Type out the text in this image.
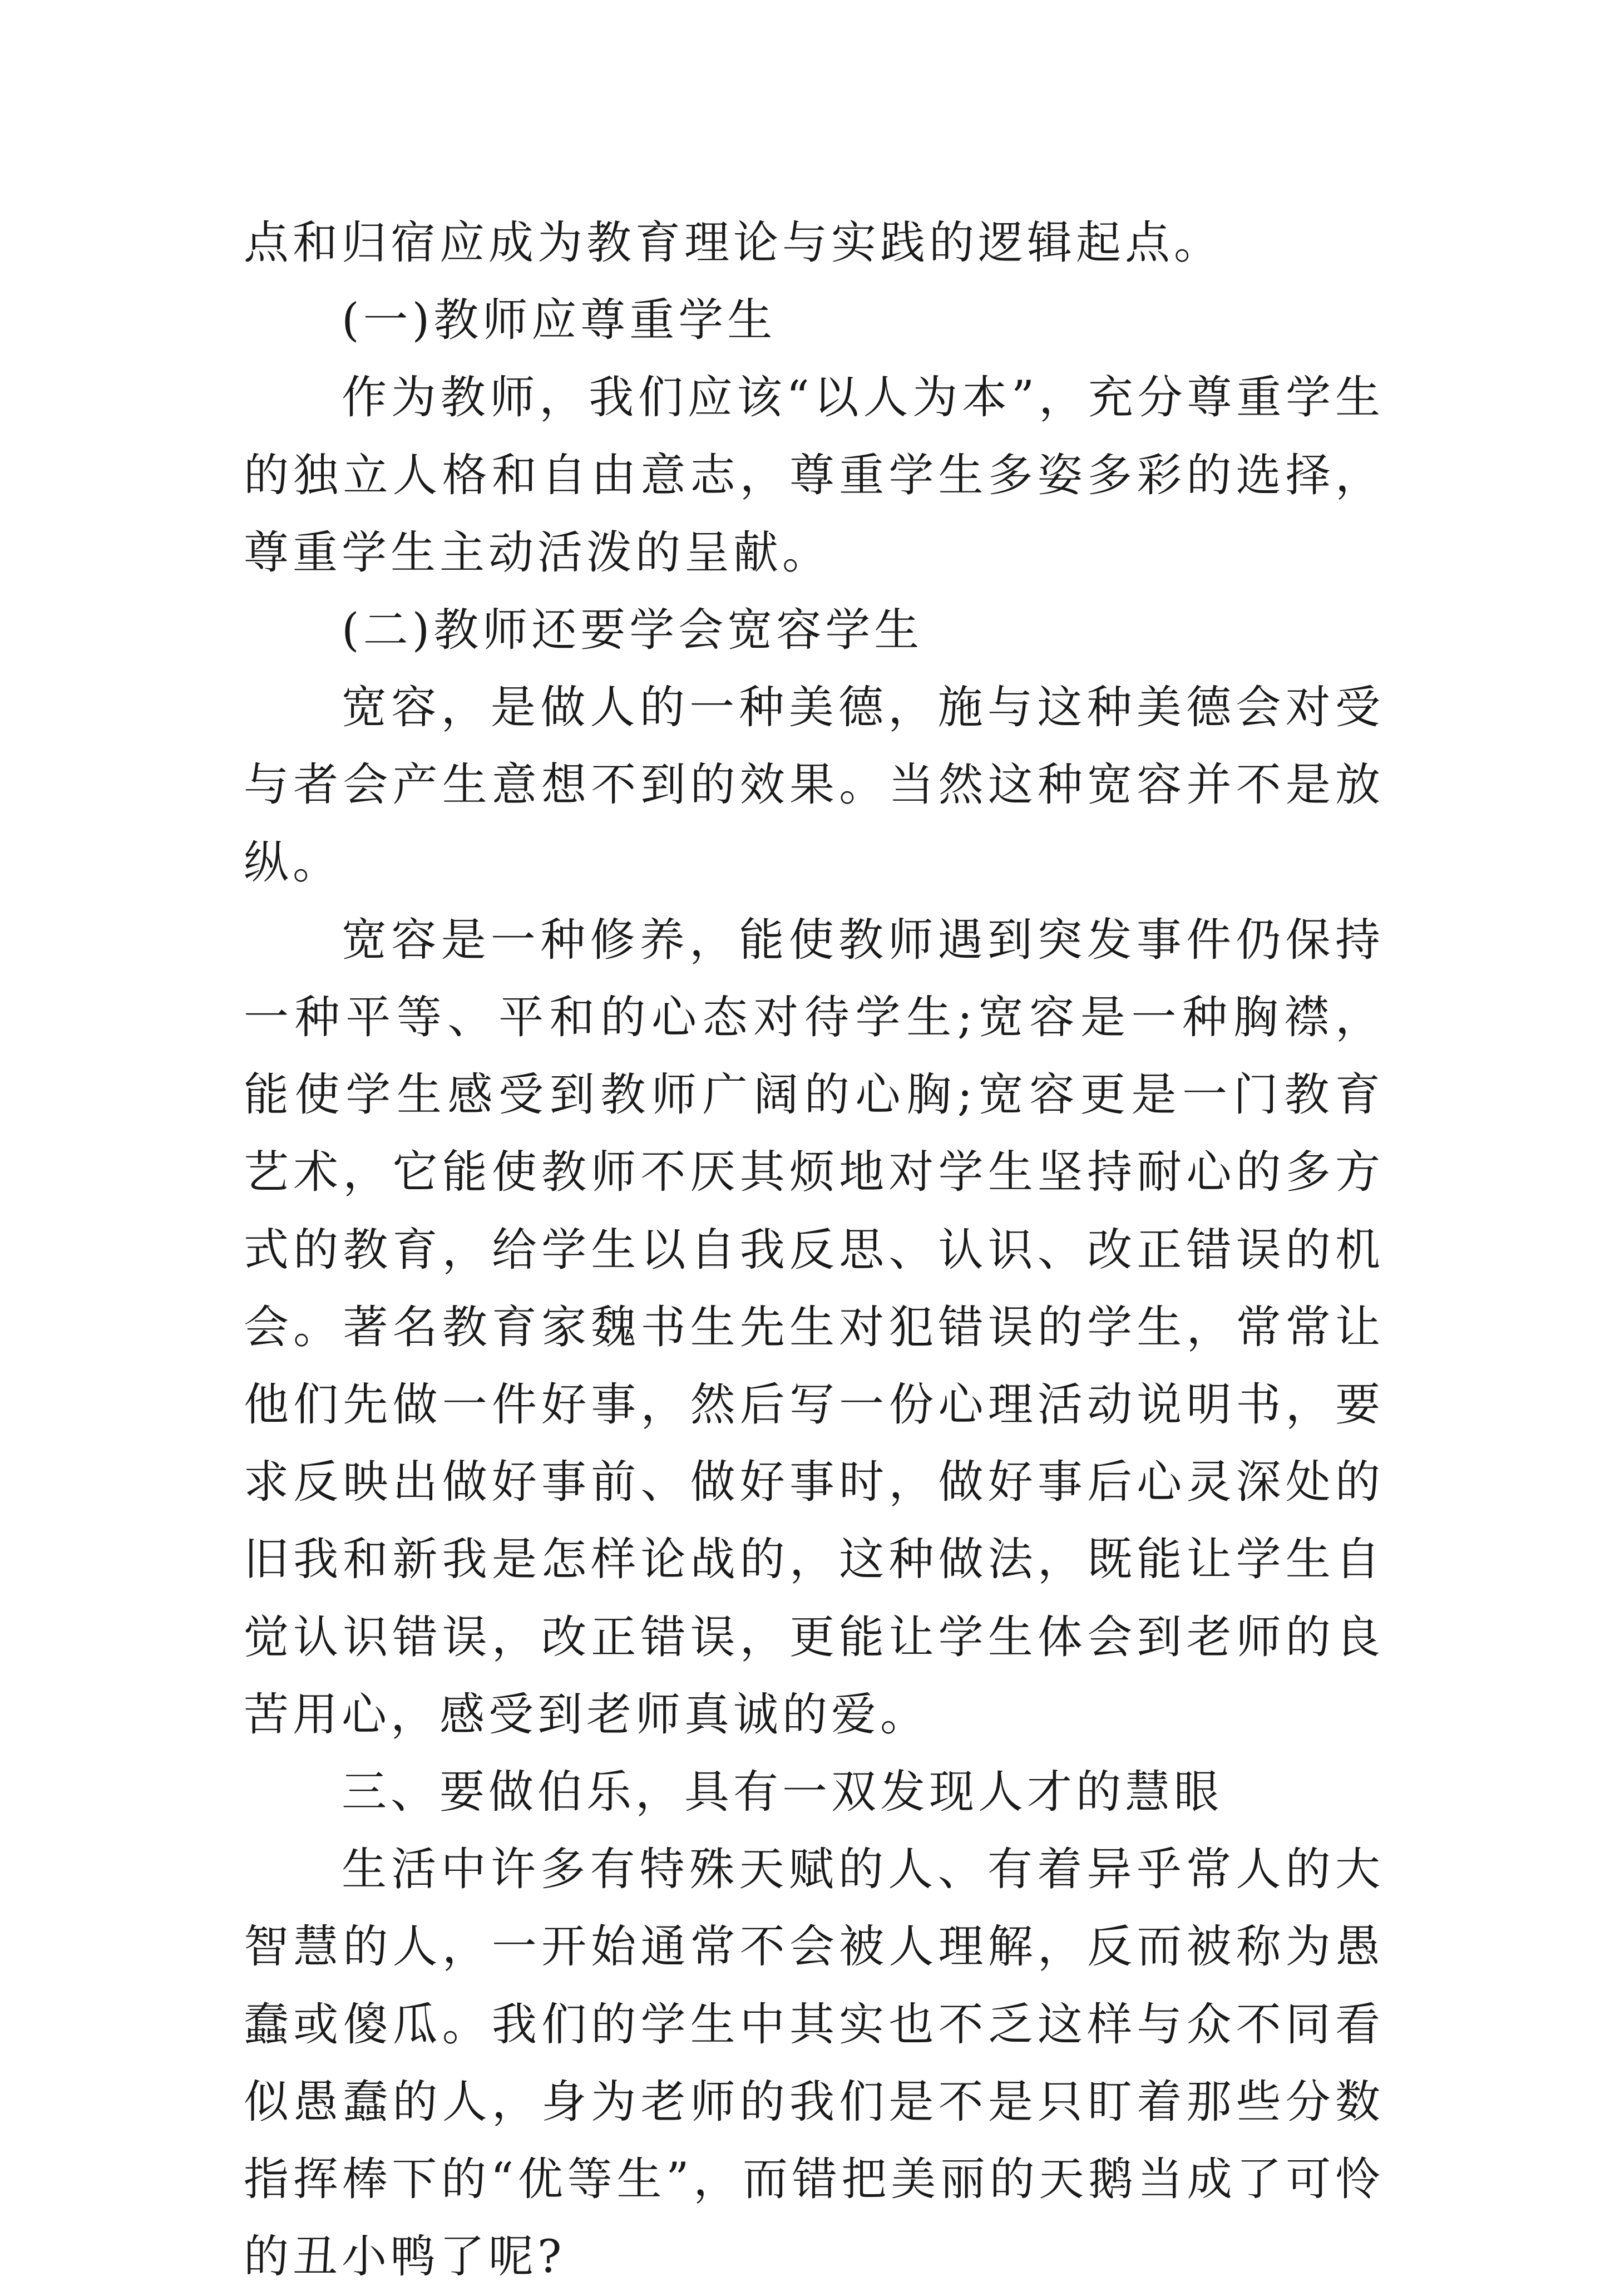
点和归宿应成为教育理论与实践的逻辑起点。

(一)教师应尊重学生

作为教师，我们应该“以人为本”，充分尊重学生的独立人格和自由意志，尊重学生多姿多彩的选择，尊重学生主动活泼的呈献。

(二)教师还要学会宽容学生

宽容，是做人的一种美德，施与这种美德会对受与者会产生意想不到的效果。当然这种宽容并不是放纵。

宽容是一种修养，能使教师遇到突发事件仍保持一种平等、平和的心态对待学生;宽容是一种胸襟，能使学生感受到教师广阔的心胸;宽容更是一门教育艺术，它能使教师不厌其烦地对学生坚持耐心的多方式的教育，给学生以自我反思、认识、改正错误的机会。著名教育家魏书生先生对犯错误的学生，常常让他们先做一件好事，然后写一份心理活动说明书，要求反映出做好事前、做好事时，做好事后心灵深处的旧我和新我是怎样论战的，这种做法，既能让学生自觉认识错误，改正错误，更能让学生体会到老师的良苦用心，感受到老师真诚的爱。

三、要做伯乐，具有一双发现人才的慧眼

生活中许多有特殊天赋的人、有着异乎常人的大智慧的人，一开始通常不会被人理解，反而被称为愚蠢或傻瓜。我们的学生中其实也不乏这样与众不同看似愚蠢的人，身为老师的我们是不是只盯着那些分数指挥棒下的“优等生”，而错把美丽的天鹅当成了可怜的丑小鸭了呢?
